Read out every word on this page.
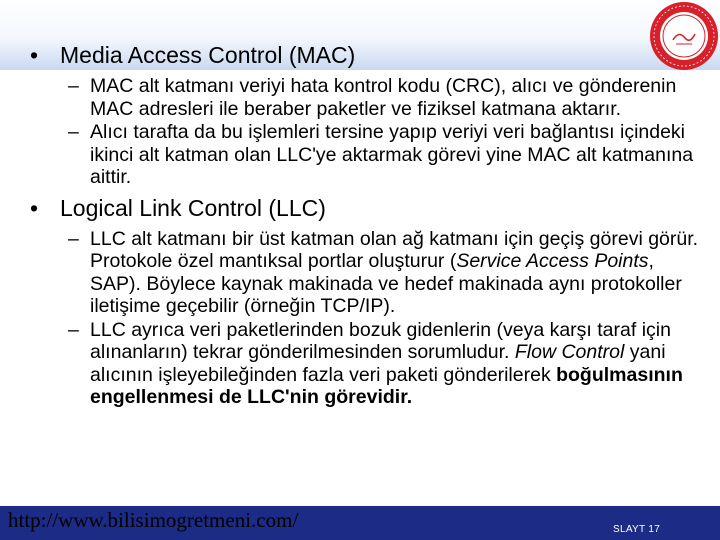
• Media Access Control (MAC)
– MAC alt katmanı veriyi hata kontrol kodu (CRC), alıcı ve gönderenin MAC adresleri ile beraber paketler ve fiziksel katmana aktarır.
– Alıcı tarafta da bu işlemleri tersine yapıp veriyi veri bağlantısı içindeki ikinci alt katman olan LLC'ye aktarmak görevi yine MAC alt katmanına aittir.
• Logical Link Control (LLC)
– LLC alt katmanı bir üst katman olan ağ katmanı için geçiş görevi görür. Protokole özel mantıksal portlar oluşturur (Service Access Points, SAP). Böylece kaynak makinada ve hedef makinada aynı protokoller iletişime geçebilir (örneğin TCP/IP).
– LLC ayrıca veri paketlerinden bozuk gidenlerin (veya karşı taraf için alınanların) tekrar gönderilmesinden sorumludur. Flow Control yani alıcının işleyebileğinden fazla veri paketi gönderilerek boğulmasının engellenmesi de LLC'nin görevidir.
http://www.bilisimogretmeni.com/	SLAYT 17
